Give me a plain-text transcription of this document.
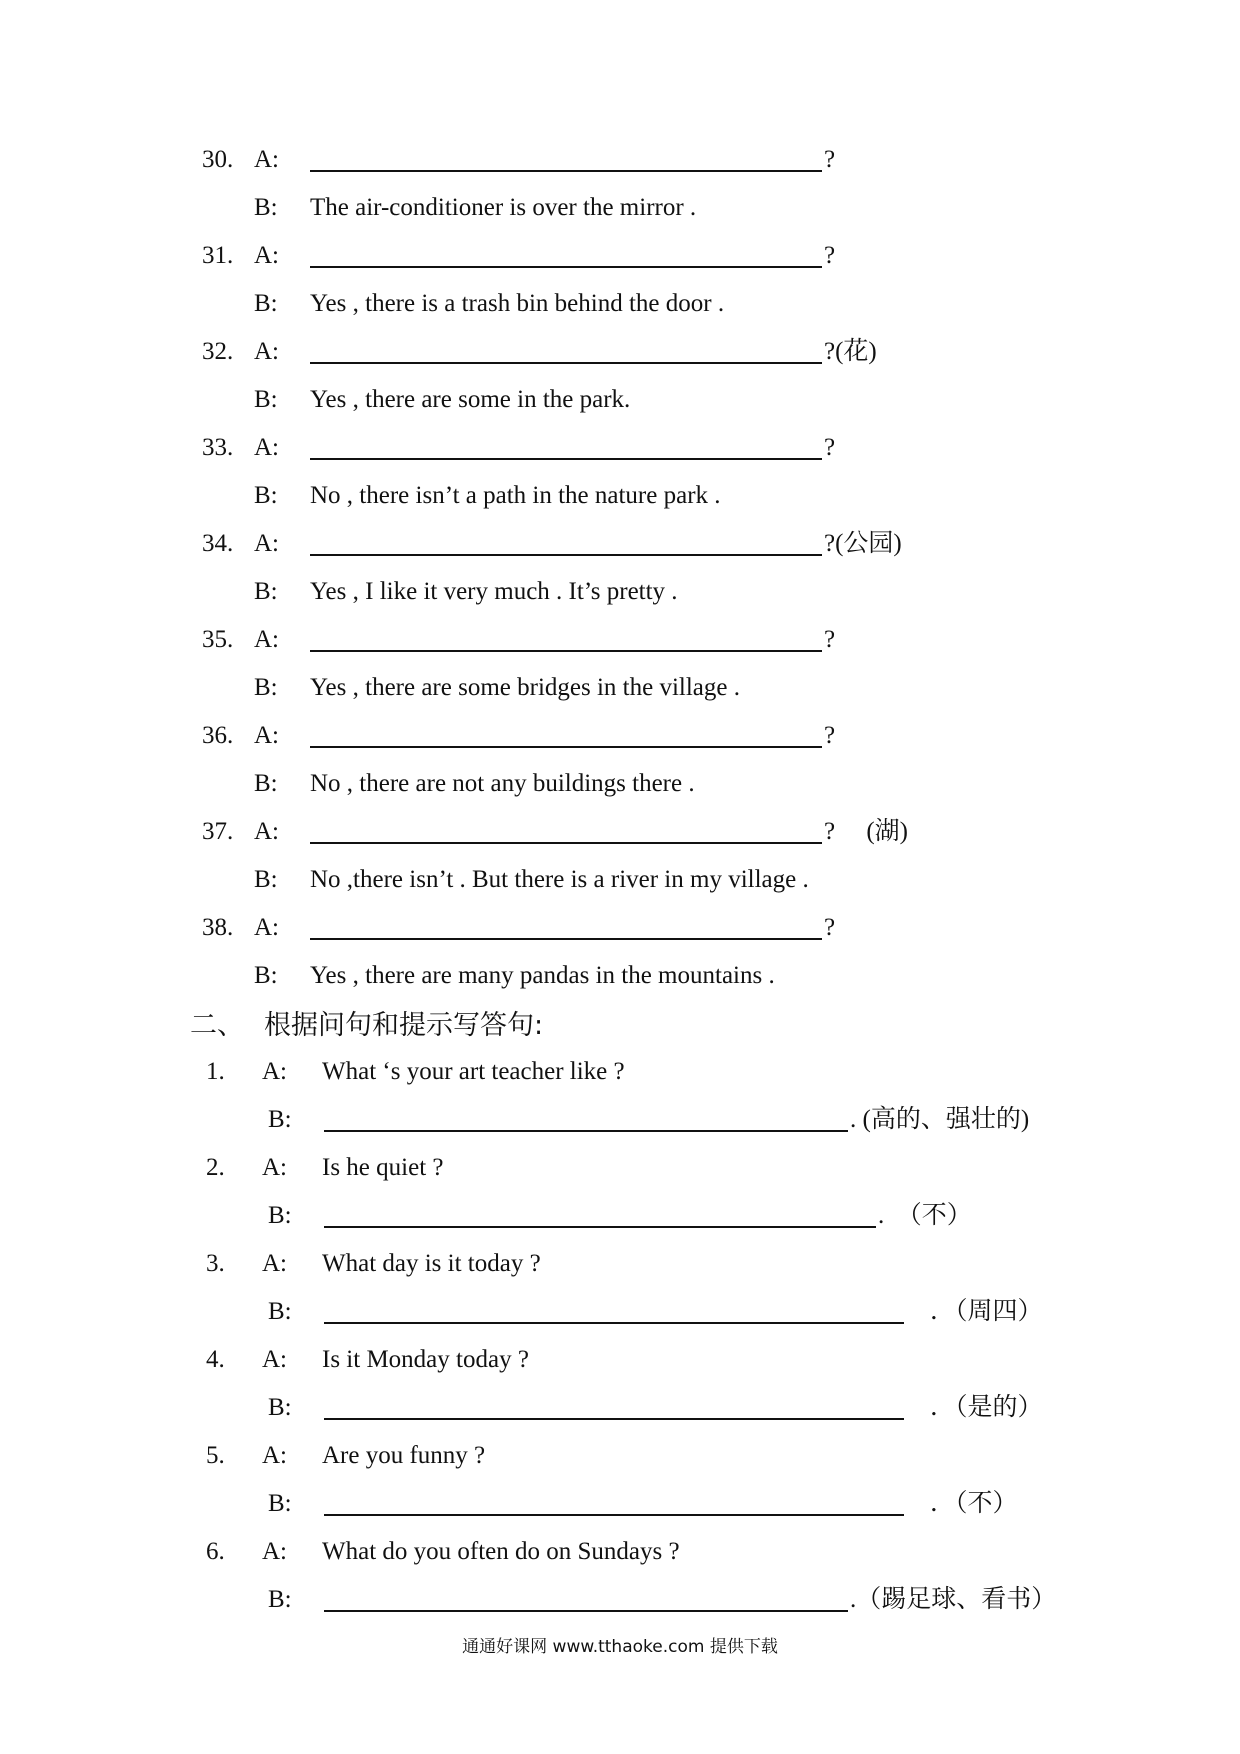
30. A:	?
B: The air-conditioner is over the mirror .
31. A:	?
B: Yes , there is a trash bin behind the door .
32. A:	?(花)
B: Yes , there are some in the park.
33. A:	?
B: No , there isn’t a path in the nature park .
34. A:	?(公园)
B: Yes , I like it very much . It’s pretty .
35. A:	?
B: Yes , there are some bridges in the village .
36. A:	?
B: No , there are not any buildings there .
37. A:	?     (湖)
B: No ,there isn’t . But there is a river in my village .
38. A:	?
B: Yes , there are many pandas in the mountains .
二、 根据问句和提示写答句:
1. A: What ‘s your art teacher like ?
B:	. (高的、强壮的)
2. A: Is he quiet ?
B:	.  （不）
3. A: What day is it today ?
B:	．（周四）
4. A: Is it Monday today ?
B:	．（是的）
5. A: Are you funny ?
B:	．（不）
6. A: What do you often do on Sundays ?
B:	.（踢足球、看书）
通通好课网 www.tthaoke.com 提供下载
